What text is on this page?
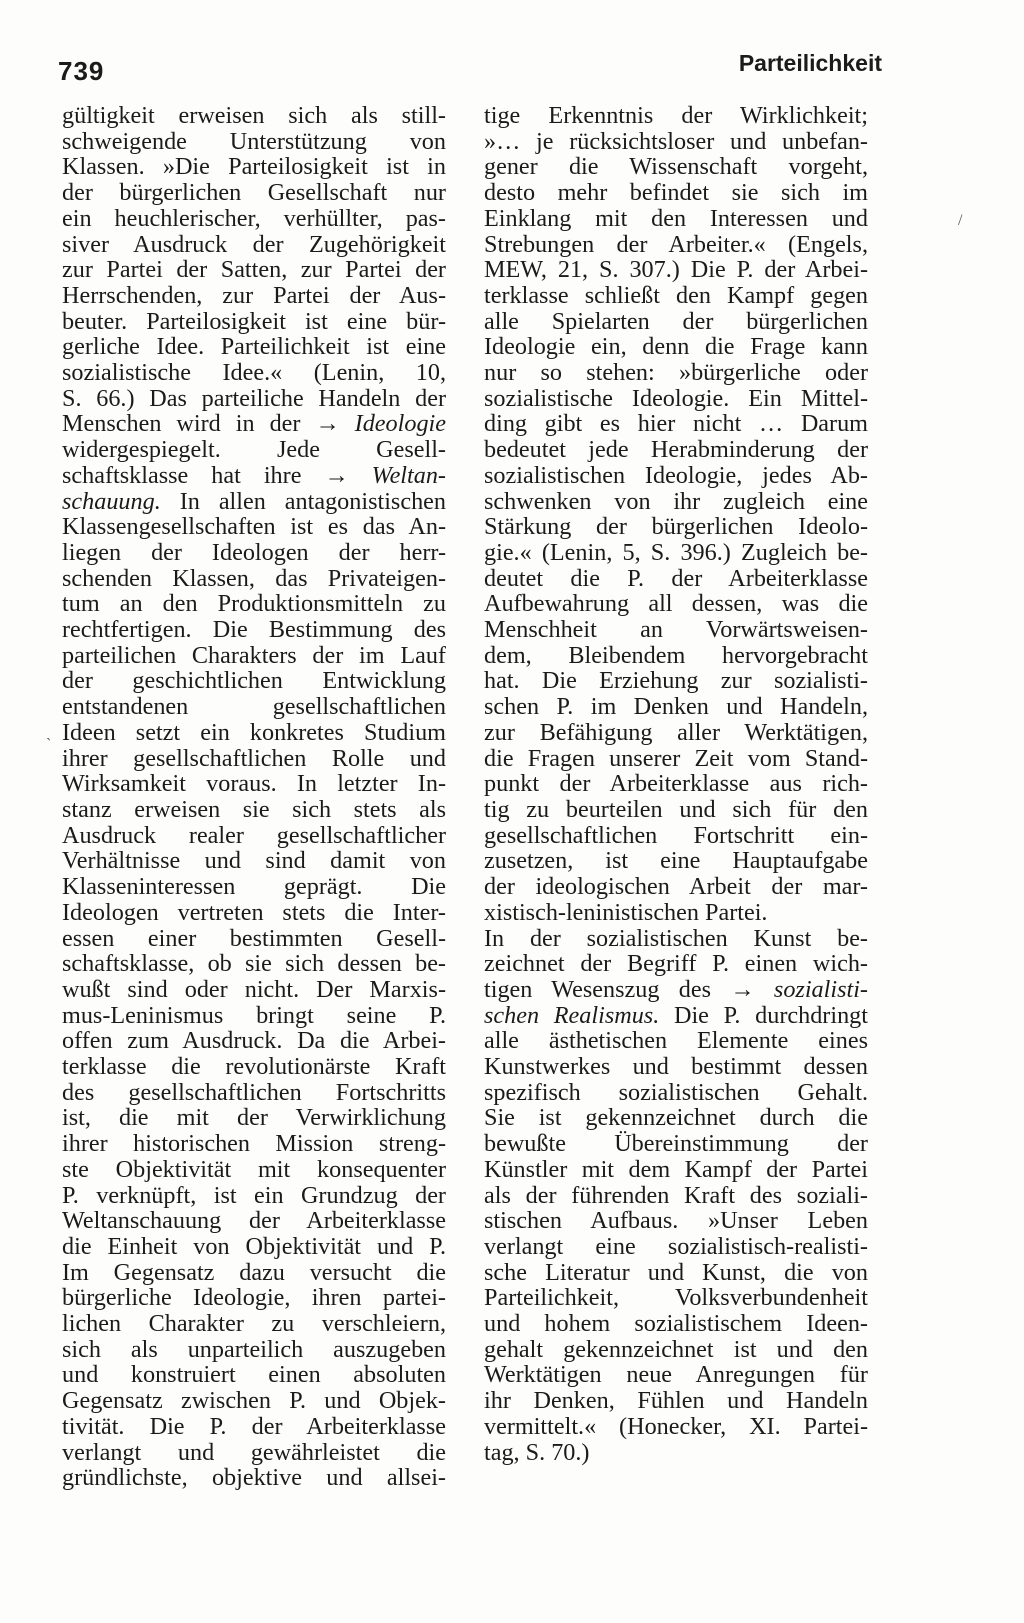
739	Parteilichkeit
gültigkeit erweisen sich als still-
schweigende Unterstützung von
Klassen. »Die Parteilosigkeit ist in
der bürgerlichen Gesellschaft nur
ein heuchlerischer, verhüllter, pas-
siver Ausdruck der Zugehörigkeit
zur Partei der Satten, zur Partei der
Herrschenden, zur Partei der Aus-
beuter. Parteilosigkeit ist eine bür-
gerliche Idee. Parteilichkeit ist eine
sozialistische Idee.« (Lenin, 10,
S. 66.) Das parteiliche Handeln der
Menschen wird in der → Ideologie
widergespiegelt. Jede Gesell-
schaftsklasse hat ihre → Weltan-
schauung. In allen antagonistischen
Klassengesellschaften ist es das An-
liegen der Ideologen der herr-
schenden Klassen, das Privateigen-
tum an den Produktionsmitteln zu
rechtfertigen. Die Bestimmung des
parteilichen Charakters der im Lauf
der geschichtlichen Entwicklung
entstandenen gesellschaftlichen
Ideen setzt ein konkretes Studium
ihrer gesellschaftlichen Rolle und
Wirksamkeit voraus. In letzter In-
stanz erweisen sie sich stets als
Ausdruck realer gesellschaftlicher
Verhältnisse und sind damit von
Klasseninteressen geprägt. Die
Ideologen vertreten stets die Inter-
essen einer bestimmten Gesell-
schaftsklasse, ob sie sich dessen be-
wußt sind oder nicht. Der Marxis-
mus-Leninismus bringt seine P.
offen zum Ausdruck. Da die Arbei-
terklasse die revolutionärste Kraft
des gesellschaftlichen Fortschritts
ist, die mit der Verwirklichung
ihrer historischen Mission streng-
ste Objektivität mit konsequenter
P. verknüpft, ist ein Grundzug der
Weltanschauung der Arbeiterklasse
die Einheit von Objektivität und P.
Im Gegensatz dazu versucht die
bürgerliche Ideologie, ihren partei-
lichen Charakter zu verschleiern,
sich als unparteilich auszugeben
und konstruiert einen absoluten
Gegensatz zwischen P. und Objek-
tivität. Die P. der Arbeiterklasse
verlangt und gewährleistet die
gründlichste, objektive und allsei-
tige Erkenntnis der Wirklichkeit;
»… je rücksichtsloser und unbefan-
gener die Wissenschaft vorgeht,
desto mehr befindet sie sich im
Einklang mit den Interessen und
Strebungen der Arbeiter.« (Engels,
MEW, 21, S. 307.) Die P. der Arbei-
terklasse schließt den Kampf gegen
alle Spielarten der bürgerlichen
Ideologie ein, denn die Frage kann
nur so stehen: »bürgerliche oder
sozialistische Ideologie. Ein Mittel-
ding gibt es hier nicht … Darum
bedeutet jede Herabminderung der
sozialistischen Ideologie, jedes Ab-
schwenken von ihr zugleich eine
Stärkung der bürgerlichen Ideolo-
gie.« (Lenin, 5, S. 396.) Zugleich be-
deutet die P. der Arbeiterklasse
Aufbewahrung all dessen, was die
Menschheit an Vorwärtsweisen-
dem, Bleibendem hervorgebracht
hat. Die Erziehung zur sozialisti-
schen P. im Denken und Handeln,
zur Befähigung aller Werktätigen,
die Fragen unserer Zeit vom Stand-
punkt der Arbeiterklasse aus rich-
tig zu beurteilen und sich für den
gesellschaftlichen Fortschritt ein-
zusetzen, ist eine Hauptaufgabe
der ideologischen Arbeit der mar-
xistisch-leninistischen Partei.
In der sozialistischen Kunst be-
zeichnet der Begriff P. einen wich-
tigen Wesenszug des → sozialisti-
schen Realismus. Die P. durchdringt
alle ästhetischen Elemente eines
Kunstwerkes und bestimmt dessen
spezifisch sozialistischen Gehalt.
Sie ist gekennzeichnet durch die
bewußte Übereinstimmung der
Künstler mit dem Kampf der Partei
als der führenden Kraft des soziali-
stischen Aufbaus. »Unser Leben
verlangt eine sozialistisch-realisti-
sche Literatur und Kunst, die von
Parteilichkeit, Volksverbundenheit
und hohem sozialistischem Ideen-
gehalt gekennzeichnet ist und den
Werktätigen neue Anregungen für
ihr Denken, Fühlen und Handeln
vermittelt.« (Honecker, XI. Partei-
tag, S. 70.)
ˋ
/
